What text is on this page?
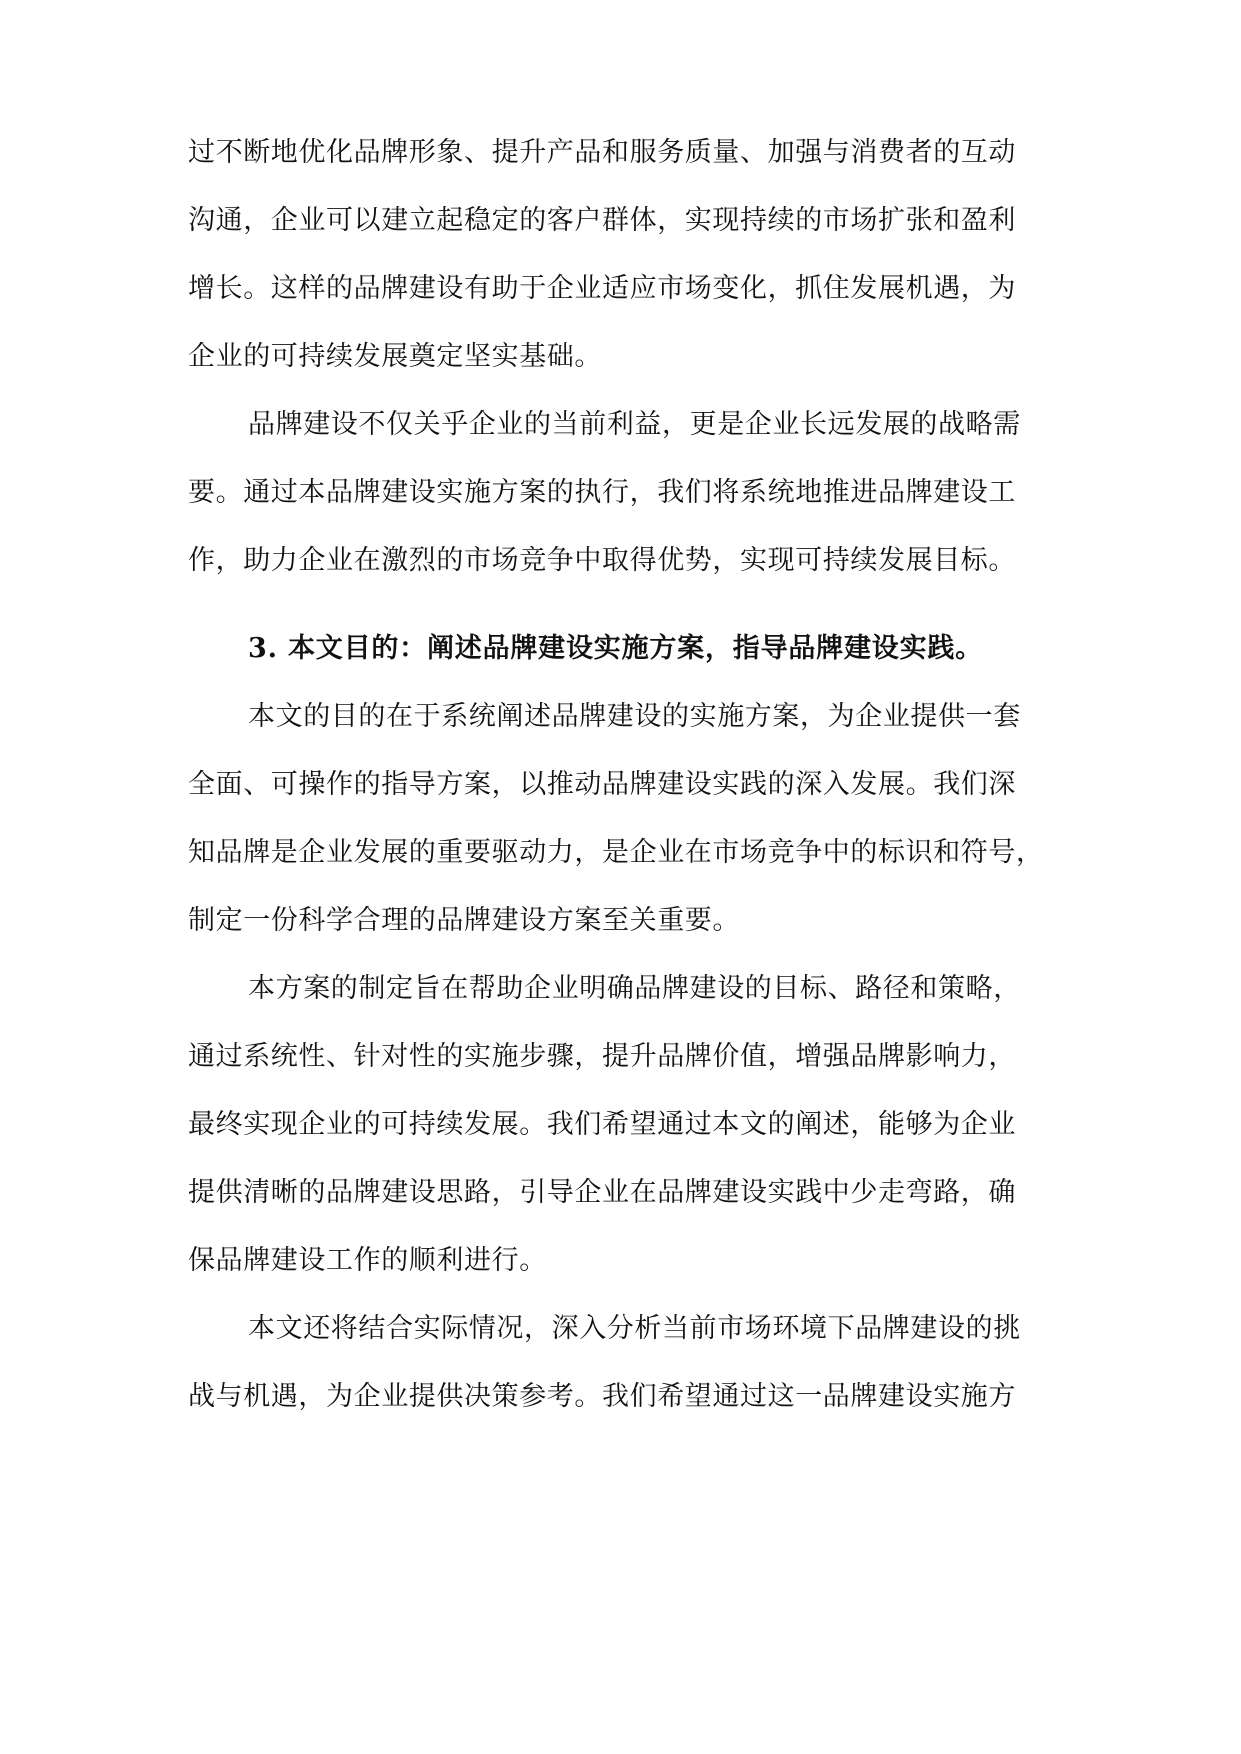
过不断地优化品牌形象、提升产品和服务质量、加强与消费者的互动
沟通，企业可以建立起稳定的客户群体，实现持续的市场扩张和盈利
增长。这样的品牌建设有助于企业适应市场变化，抓住发展机遇，为
企业的可持续发展奠定坚实基础。
品牌建设不仅关乎企业的当前利益，更是企业长远发展的战略需
要。通过本品牌建设实施方案的执行，我们将系统地推进品牌建设工
作，助力企业在激烈的市场竞争中取得优势，实现可持续发展目标。
3. 本文目的：阐述品牌建设实施方案，指导品牌建设实践。
本文的目的在于系统阐述品牌建设的实施方案，为企业提供一套
全面、可操作的指导方案，以推动品牌建设实践的深入发展。我们深
知品牌是企业发展的重要驱动力，是企业在市场竞争中的标识和符号，
制定一份科学合理的品牌建设方案至关重要。
本方案的制定旨在帮助企业明确品牌建设的目标、路径和策略，
通过系统性、针对性的实施步骤，提升品牌价值，增强品牌影响力，
最终实现企业的可持续发展。我们希望通过本文的阐述，能够为企业
提供清晰的品牌建设思路，引导企业在品牌建设实践中少走弯路，确
保品牌建设工作的顺利进行。
本文还将结合实际情况，深入分析当前市场环境下品牌建设的挑
战与机遇，为企业提供决策参考。我们希望通过这一品牌建设实施方
